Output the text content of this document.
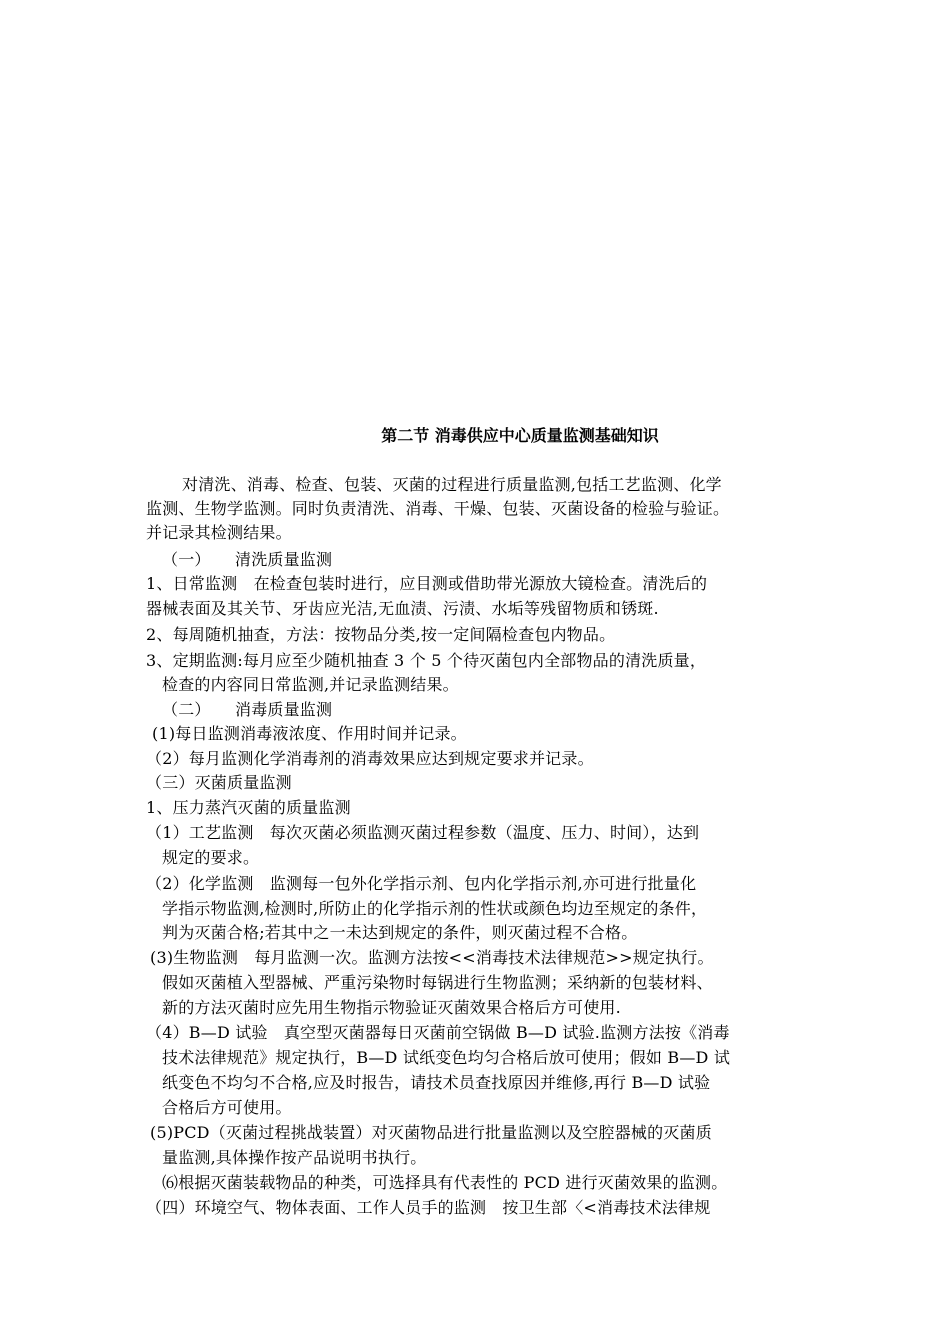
第二节 消毒供应中心质量监测基础知识
对清洗、消毒、检查、包装、灭菌的过程进行质量监测,包括工艺监测、化学
监测、生物学监测。同时负责清洗、消毒、干燥、包装、灭菌设备的检验与验证。
并记录其检测结果。
（一）　　清洗质量监测
1、日常监测　在检查包装时进行，应目测或借助带光源放大镜检查。清洗后的
器械表面及其关节、牙齿应光洁,无血渍、污渍、水垢等残留物质和锈斑.
2、每周随机抽查，方法：按物品分类,按一定间隔检查包内物品。
3、定期监测:每月应至少随机抽查 3 个 5 个待灭菌包内全部物品的清洗质量，
检查的内容同日常监测,并记录监测结果。
（二）　　消毒质量监测
(1)每日监测消毒液浓度、作用时间并记录。
（2）每月监测化学消毒剂的消毒效果应达到规定要求并记录。
（三）灭菌质量监测
1、压力蒸汽灭菌的质量监测
（1）工艺监测　每次灭菌必须监测灭菌过程参数（温度、压力、时间），达到
规定的要求。
（2）化学监测　监测每一包外化学指示剂、包内化学指示剂,亦可进行批量化
学指示物监测,检测时,所防止的化学指示剂的性状或颜色均边至规定的条件，
判为灭菌合格;若其中之一未达到规定的条件，则灭菌过程不合格。
(3)生物监测　每月监测一次。监测方法按<<消毒技术法律规范>>规定执行。
假如灭菌植入型器械、严重污染物时每锅进行生物监测；采纳新的包装材料、
新的方法灭菌时应先用生物指示物验证灭菌效果合格后方可使用.
（4）B—D 试验　真空型灭菌器每日灭菌前空锅做 B—D 试验.监测方法按《消毒
技术法律规范》规定执行，B—D 试纸变色均匀合格后放可使用；假如 B—D 试
纸变色不均匀不合格,应及时报告，请技术员查找原因并维修,再行 B—D 试验
合格后方可使用。
(5)PCD（灭菌过程挑战装置）对灭菌物品进行批量监测以及空腔器械的灭菌质
量监测,具体操作按产品说明书执行。
⑹根据灭菌装载物品的种类，可选择具有代表性的 PCD 进行灭菌效果的监测。
（四）环境空气、物体表面、工作人员手的监测　按卫生部〈<消毒技术法律规
